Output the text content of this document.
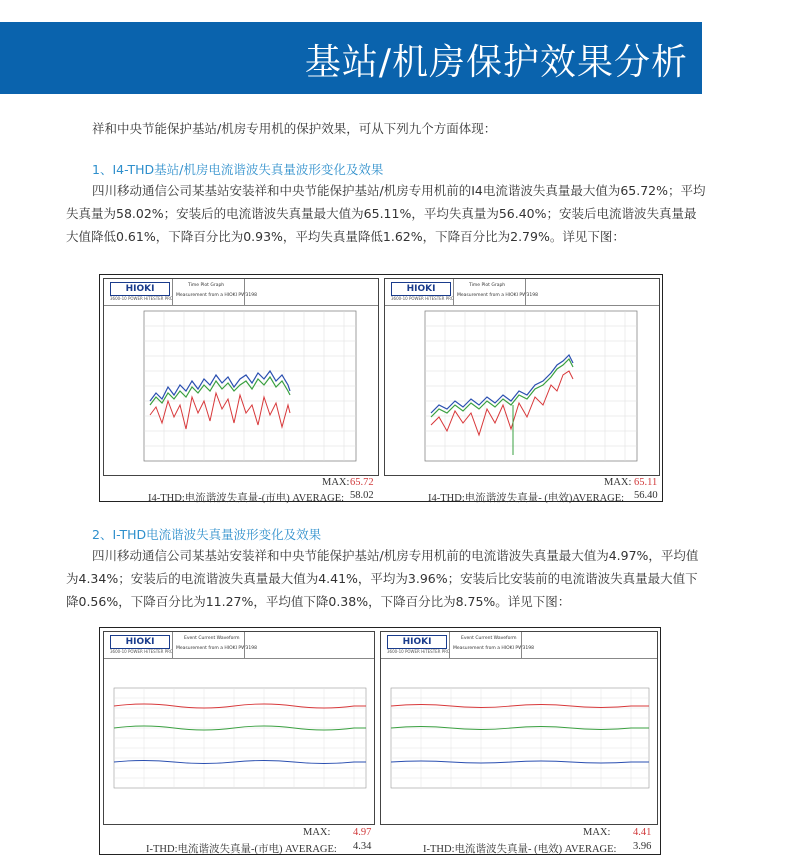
基站/机房保护效果分析
祥和中央节能保护基站/机房专用机的保护效果，可从下列九个方面体现：
1、I4-THD基站/机房电流谐波失真量波形变化及效果
四川移动通信公司某基站安装祥和中央节能保护基站/机房专用机前的I4电流谐波失真量最大值为65.72%；平均失真量为58.02%；安装后的电流谐波失真量最大值为65.11%，平均失真量为56.40%；安装后电流谐波失真量最大值降低0.61%，下降百分比为0.93%，平均失真量降低1.62%，下降百分比为2.79%。详见下图：
HIOKI
3600-10 POWER HiTESTER PRO
Time Plot Graph
Measurement from a HIOKI PW3198
HIOKI
3600-10 POWER HiTESTER PRO
Time Plot Graph
Measurement from a HIOKI PW3198
MAX: 65.72
I4-THD:电流谐波失真量-(市电) AVERAGE: 58.02
MAX: 65.11
I4-THD:电流谐波失真量- (电效)AVERAGE: 56.40
2、I-THD电流谐波失真量波形变化及效果
四川移动通信公司某基站安装祥和中央节能保护基站/机房专用机前的电流谐波失真量最大值为4.97%，平均值为4.34%；安装后的电流谐波失真量最大值为4.41%，平均为3.96%；安装后比安装前的电流谐波失真量最大值下降0.56%，下降百分比为11.27%，平均值下降0.38%，下降百分比为8.75%。详见下图：
HIOKI
3600-10 POWER HiTESTER PRO
Event Current Waveform
Measurement from a HIOKI PW3198
HIOKI
3600-10 POWER HiTESTER PRO
Event Current Waveform
Measurement from a HIOKI PW3198
MAX: 4.97
I-THD:电流谐波失真量-(市电) AVERAGE: 4.34
MAX: 4.41
I-THD:电流谐波失真量- (电效) AVERAGE: 3.96
